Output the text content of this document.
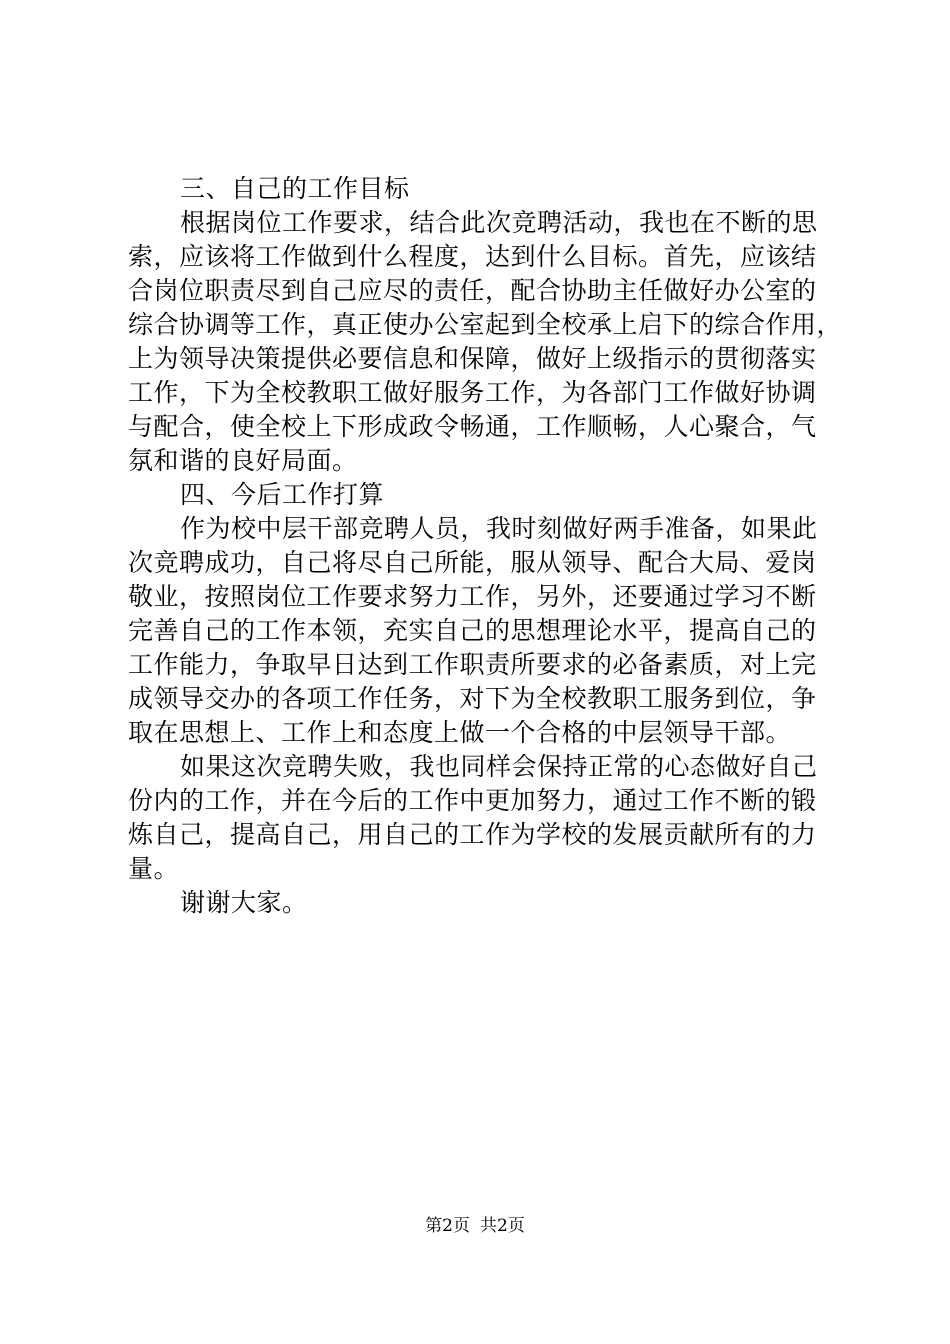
三、自己的工作目标
根据岗位工作要求，结合此次竞聘活动，我也在不断的思
索，应该将工作做到什么程度，达到什么目标。首先，应该结
合岗位职责尽到自己应尽的责任，配合协助主任做好办公室的
综合协调等工作，真正使办公室起到全校承上启下的综合作用，
上为领导决策提供必要信息和保障，做好上级指示的贯彻落实
工作，下为全校教职工做好服务工作，为各部门工作做好协调
与配合，使全校上下形成政令畅通，工作顺畅，人心聚合，气
氛和谐的良好局面。
四、今后工作打算
作为校中层干部竞聘人员，我时刻做好两手准备，如果此
次竞聘成功，自己将尽自己所能，服从领导、配合大局、爱岗
敬业，按照岗位工作要求努力工作，另外，还要通过学习不断
完善自己的工作本领，充实自己的思想理论水平，提高自己的
工作能力，争取早日达到工作职责所要求的必备素质，对上完
成领导交办的各项工作任务，对下为全校教职工服务到位，争
取在思想上、工作上和态度上做一个合格的中层领导干部。
如果这次竞聘失败，我也同样会保持正常的心态做好自己
份内的工作，并在今后的工作中更加努力，通过工作不断的锻
炼自己，提高自己，用自己的工作为学校的发展贡献所有的力
量。
谢谢大家。
第2页 共2页
